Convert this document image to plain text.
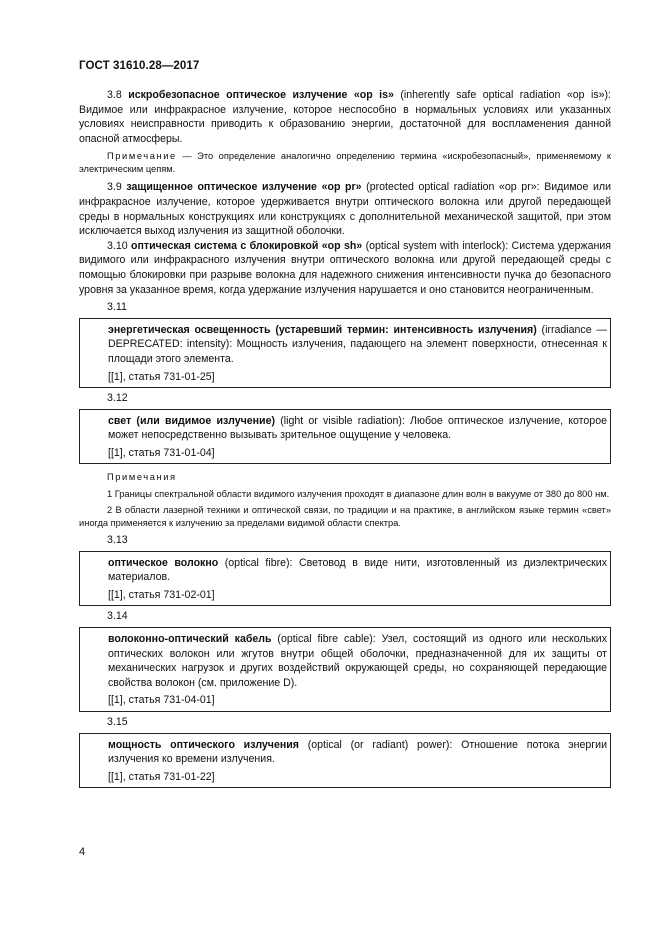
ГОСТ 31610.28—2017

3.8 искробезопасное оптическое излучение «op is» (inherently safe optical radiation «op is»): Видимое или инфракрасное излучение, которое неспособно в нормальных условиях или указанных условиях неисправности приводить к образованию энергии, достаточной для воспламенения данной опасной атмосферы.

Примечание — Это определение аналогично определению термина «искробезопасный», применяемому к электрическим цепям.

3.9 защищенное оптическое излучение «op pr» (protected optical radiation «op pr»: Видимое или инфракрасное излучение, которое удерживается внутри оптического волокна или другой передающей среды в нормальных конструкциях или конструкциях с дополнительной механической защитой, при этом исключается выход излучения из защитной оболочки.

3.10 оптическая система с блокировкой «op sh» (optical system with interlock): Система удержания видимого или инфракрасного излучения внутри оптического волокна или другой передающей среды с помощью блокировки при разрыве волокна для надежного снижения интенсивности пучка до безопасного уровня за указанное время, когда удержание излучения нарушается и оно становится неограниченным.

3.11

энергетическая освещенность (устаревший термин: интенсивность излучения) (irradiance — DEPRECATED: intensity): Мощность излучения, падающего на элемент поверхности, отнесенная к площади этого элемента.

[[1], статья 731-01-25]

3.12

свет (или видимое излучение) (light or visible radiation): Любое оптическое излучение, которое может непосредственно вызывать зрительное ощущение у человека.

[[1], статья 731-01-04]

Примечания

1 Границы спектральной области видимого излучения проходят в диапазоне длин волн в вакууме от 380 до 800 нм.

2 В области лазерной техники и оптической связи, по традиции и на практике, в английском языке термин «свет» иногда применяется к излучению за пределами видимой области спектра.

3.13

оптическое волокно (optical fibre): Световод в виде нити, изготовленный из диэлектрических материалов.

[[1], статья 731-02-01]

3.14

волоконно-оптический кабель (optical fibre cable): Узел, состоящий из одного или нескольких оптических волокон или жгутов внутри общей оболочки, предназначенной для их защиты от механических нагрузок и других воздействий окружающей среды, но сохраняющей передающие свойства волокон (см. приложение D).

[[1], статья 731-04-01]

3.15

мощность оптического излучения (optical (or radiant) power): Отношение потока энергии излучения ко времени излучения.

[[1], статья 731-01-22]

4
